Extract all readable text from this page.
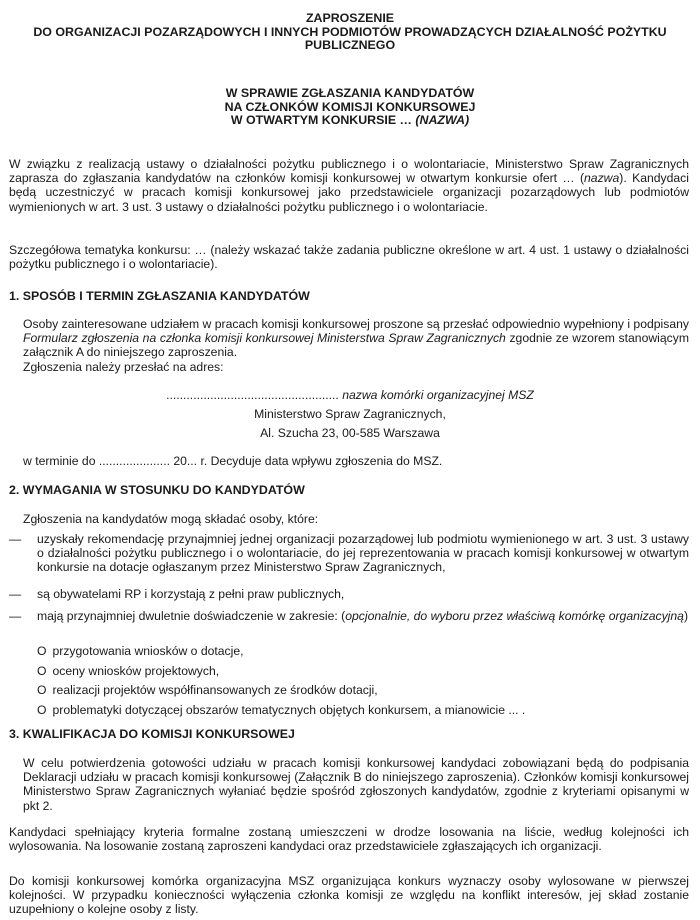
ZAPROSZENIE
DO ORGANIZACJI POZARZĄDOWYCH I INNYCH PODMIOTÓW PROWADZĄCYCH DZIAŁALNOŚĆ POŻYTKU
PUBLICZNEGO
W SPRAWIE ZGŁASZANIA KANDYDATÓW
NA CZŁONKÓW KOMISJI KONKURSOWEJ
W OTWARTYM KONKURSIE … (NAZWA)
W związku z realizacją ustawy o działalności pożytku publicznego i o wolontariacie, Ministerstwo Spraw Zagranicznych zaprasza do zgłaszania kandydatów na członków komisji konkursowej w otwartym konkursie ofert … (nazwa). Kandydaci będą uczestniczyć w pracach komisji konkursowej jako przedstawiciele organizacji pozarządowych lub podmiotów wymienionych w art. 3 ust. 3 ustawy o działalności pożytku publicznego i o wolontariacie.
Szczegółowa tematyka konkursu: … (należy wskazać także zadania publiczne określone w art. 4 ust. 1 ustawy o działalności pożytku publicznego i o wolontariacie).
1. SPOSÓB I TERMIN ZGŁASZANIA KANDYDATÓW
Osoby zainteresowane udziałem w pracach komisji konkursowej proszone są przesłać odpowiednio wypełniony i podpisany Formularz zgłoszenia na członka komisji konkursowej Ministerstwa Spraw Zagranicznych zgodnie ze wzorem stanowiącym załącznik A do niniejszego zaproszenia.
Zgłoszenia należy przesłać na adres:
................................................... nazwa komórki organizacyjnej MSZ
Ministerstwo Spraw Zagranicznych,
Al. Szucha 23, 00-585 Warszawa
w terminie do ..................... 20... r. Decyduje data wpływu zgłoszenia do MSZ.
2. WYMAGANIA W STOSUNKU DO KANDYDATÓW
Zgłoszenia na kandydatów mogą składać osoby, które:
— uzyskały rekomendację przynajmniej jednej organizacji pozarządowej lub podmiotu wymienionego w art. 3 ust. 3 ustawy o działalności pożytku publicznego i o wolontariacie, do jej reprezentowania w pracach komisji konkursowej w otwartym konkursie na dotacje ogłaszanym przez Ministerstwo Spraw Zagranicznych,
— są obywatelami RP i korzystają z pełni praw publicznych,
— mają przynajmniej dwuletnie doświadczenie w zakresie: (opcjonalnie, do wyboru przez właściwą komórkę organizacyjną)
O przygotowania wniosków o dotacje,
O oceny wniosków projektowych,
O realizacji projektów współfinansowanych ze środków dotacji,
O problematyki dotyczącej obszarów tematycznych objętych konkursem, a mianowicie ... .
3. KWALIFIKACJA DO KOMISJI KONKURSOWEJ
W celu potwierdzenia gotowości udziału w pracach komisji konkursowej kandydaci zobowiązani będą do podpisania Deklaracji udziału w pracach komisji konkursowej (Załącznik B do niniejszego zaproszenia). Członków komisji konkursowej Ministerstwo Spraw Zagranicznych wyłaniać będzie spośród zgłoszonych kandydatów, zgodnie z kryteriami opisanymi w pkt 2.
Kandydaci spełniający kryteria formalne zostaną umieszczeni w drodze losowania na liście, według kolejności ich wylosowania. Na losowanie zostaną zaproszeni kandydaci oraz przedstawiciele zgłaszających ich organizacji.
Do komisji konkursowej komórka organizacyjna MSZ organizująca konkurs wyznaczy osoby wylosowane w pierwszej kolejności. W przypadku konieczności wyłączenia członka komisji ze względu na konflikt interesów, jej skład zostanie uzupełniony o kolejne osoby z listy.
